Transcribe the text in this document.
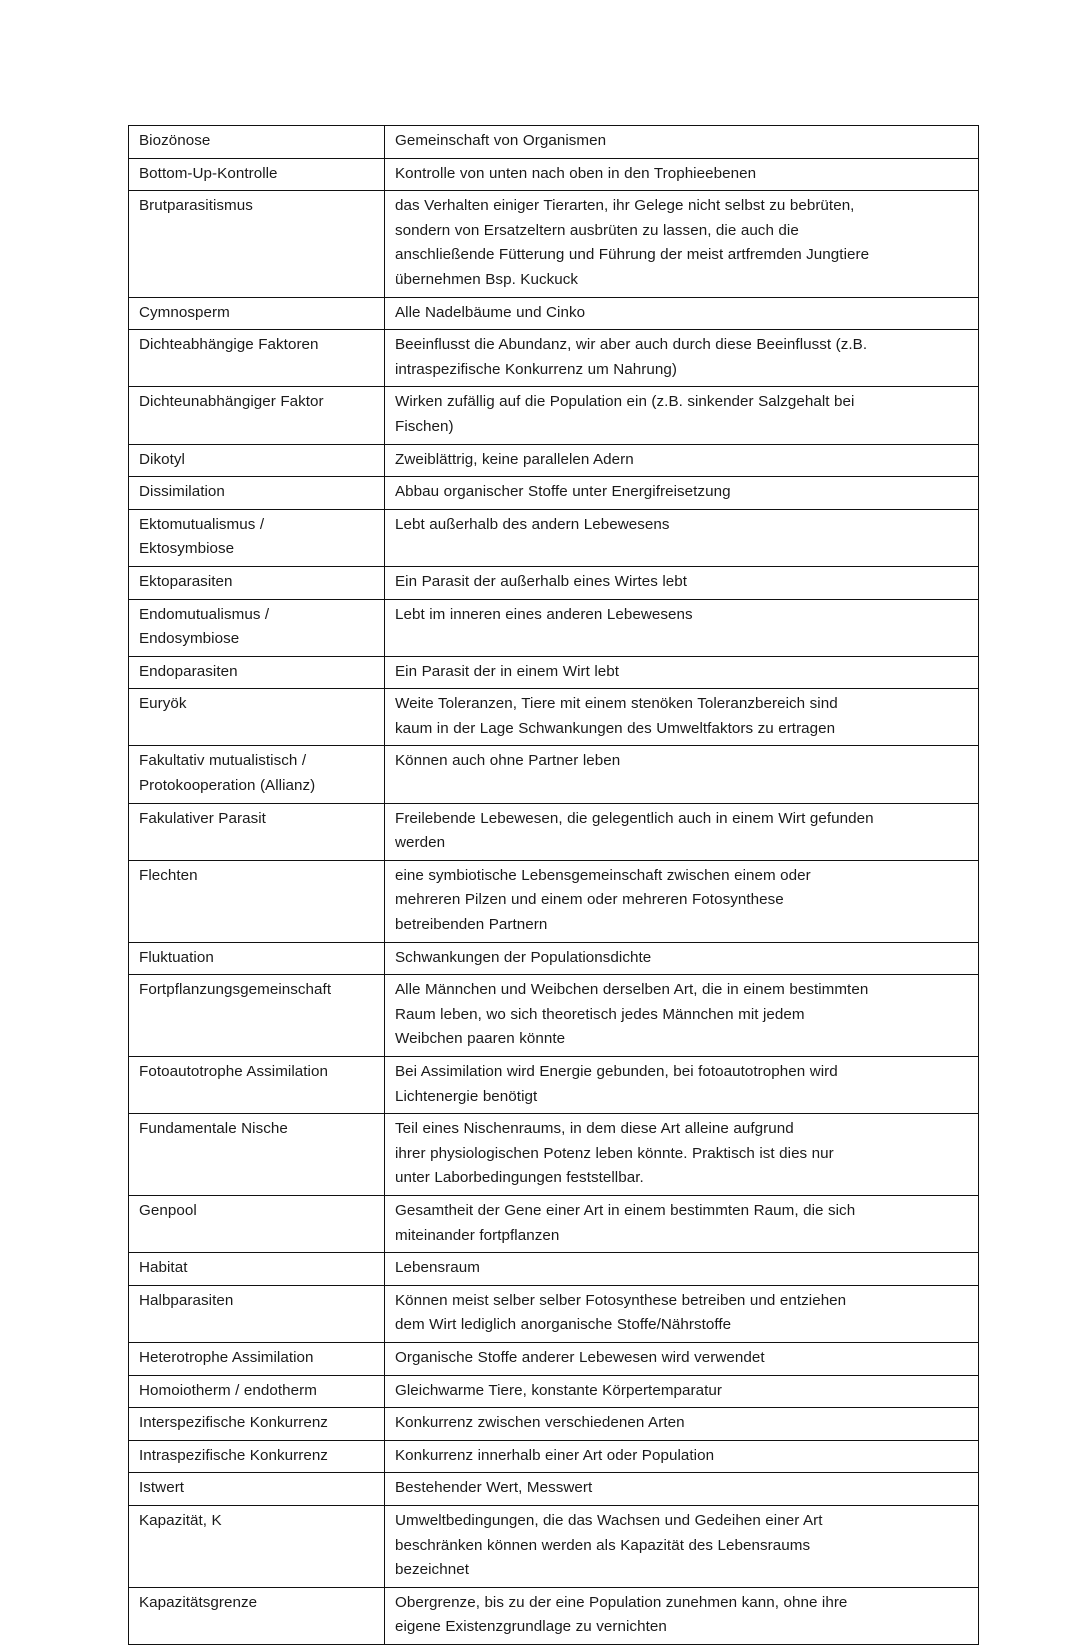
Biozönose	Gemeinschaft von Organismen

Bottom-Up-Kontrolle	Kontrolle von unten nach oben in den Trophieebenen

Brutparasitismus	das Verhalten einiger Tierarten, ihr Gelege nicht selbst zu bebrüten,
sondern von Ersatzeltern ausbrüten zu lassen, die auch die
anschließende Fütterung und Führung der meist artfremden Jungtiere
übernehmen Bsp. Kuckuck

Cymnosperm	Alle Nadelbäume und Cinko

Dichteabhängige Faktoren	Beeinflusst die Abundanz, wir aber auch durch diese Beeinflusst (z.B.
intraspezifische Konkurrenz um Nahrung)

Dichteunabhängiger Faktor	Wirken zufällig auf die Population ein (z.B. sinkender Salzgehalt bei
Fischen)

Dikotyl	Zweiblättrig, keine parallelen Adern

Dissimilation	Abbau organischer Stoffe unter Energifreisetzung

Ektomutualismus /
Ektosymbiose	Lebt außerhalb des andern Lebewesens

Ektoparasiten	Ein Parasit der außerhalb eines Wirtes lebt

Endomutualismus /
Endosymbiose	Lebt im inneren eines anderen Lebewesens

Endoparasiten	Ein Parasit der in einem Wirt lebt

Euryök	Weite Toleranzen, Tiere mit einem stenöken Toleranzbereich sind
kaum in der Lage Schwankungen des Umweltfaktors zu ertragen

Fakultativ mutualistisch /
Protokooperation (Allianz)	Können auch ohne Partner leben

Fakulativer Parasit	Freilebende Lebewesen, die gelegentlich auch in einem Wirt gefunden
werden

Flechten	eine symbiotische Lebensgemeinschaft zwischen einem oder
mehreren Pilzen und einem oder mehreren Fotosynthese
betreibenden Partnern

Fluktuation	Schwankungen der Populationsdichte

Fortpflanzungsgemeinschaft	Alle Männchen und Weibchen derselben Art, die in einem bestimmten
Raum leben, wo sich theoretisch jedes Männchen mit jedem
Weibchen paaren könnte

Fotoautotrophe Assimilation	Bei Assimilation wird Energie gebunden, bei fotoautotrophen wird
Lichtenergie benötigt

Fundamentale Nische	Teil eines Nischenraums, in dem diese Art alleine aufgrund
ihrer physiologischen Potenz leben könnte. Praktisch ist dies nur
unter Laborbedingungen feststellbar.

Genpool	Gesamtheit der Gene einer Art in einem bestimmten Raum, die sich
miteinander fortpflanzen

Habitat	Lebensraum

Halbparasiten	Können meist selber selber Fotosynthese betreiben und entziehen
dem Wirt lediglich anorganische Stoffe/Nährstoffe

Heterotrophe Assimilation	Organische Stoffe anderer Lebewesen wird verwendet

Homoiotherm / endotherm	Gleichwarme Tiere, konstante Körpertemparatur

Interspezifische Konkurrenz	Konkurrenz zwischen verschiedenen Arten

Intraspezifische Konkurrenz	Konkurrenz innerhalb einer Art oder Population

Istwert	Bestehender Wert, Messwert

Kapazität, K	Umweltbedingungen, die das Wachsen und Gedeihen einer Art
beschränken können werden als Kapazität des Lebensraums
bezeichnet

Kapazitätsgrenze	Obergrenze, bis zu der eine Population zunehmen kann, ohne ihre
eigene Existenzgrundlage zu vernichten
